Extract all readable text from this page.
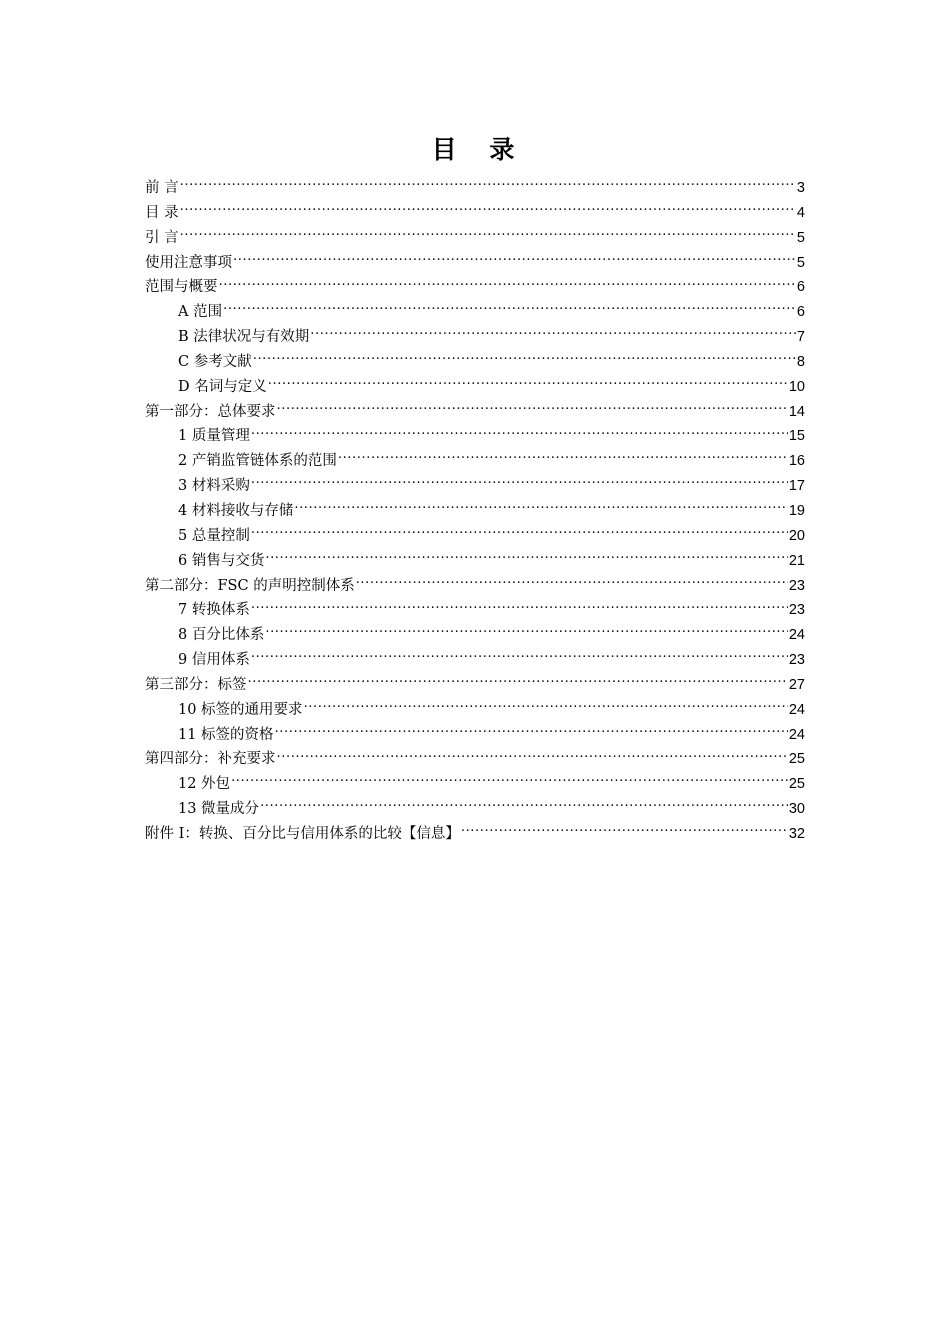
目 录
前 言 .....	3
目 录 .....	4
引 言 .....	5
使用注意事项 .....	5
范围与概要 .....	6
A 范围 .....	6
B 法律状况与有效期 .....	7
C 参考文献 .....	8
D 名词与定义 .....	10
第一部分：总体要求 .....	14
1 质量管理 .....	15
2 产销监管链体系的范围 .....	16
3 材料采购 .....	17
4 材料接收与存储 .....	19
5 总量控制 .....	20
6 销售与交货 .....	21
第二部分：FSC 的声明控制体系 .....	23
7 转换体系 .....	23
8 百分比体系 .....	24
9 信用体系 .....	23
第三部分：标签 .....	27
10 标签的通用要求 .....	24
11 标签的资格 .....	24
第四部分：补充要求 .....	25
12 外包 .....	25
13 微量成分 .....	30
附件 I：转换、百分比与信用体系的比较【信息】 .....	32
